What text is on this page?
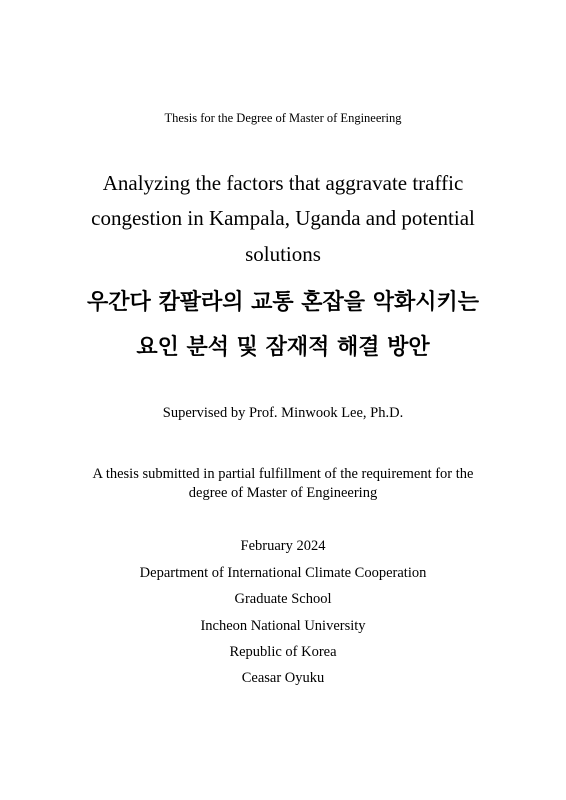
Thesis for the Degree of Master of Engineering
Analyzing the factors that aggravate traffic
congestion in Kampala, Uganda and potential
solutions
우간다 캄팔라의 교통 혼잡을 악화시키는
요인 분석 및 잠재적 해결 방안
Supervised by Prof. Minwook Lee, Ph.D.
A thesis submitted in partial fulfillment of the requirement for the
degree of Master of Engineering
February 2024
Department of International Climate Cooperation
Graduate School
Incheon National University
Republic of Korea
Ceasar Oyuku
